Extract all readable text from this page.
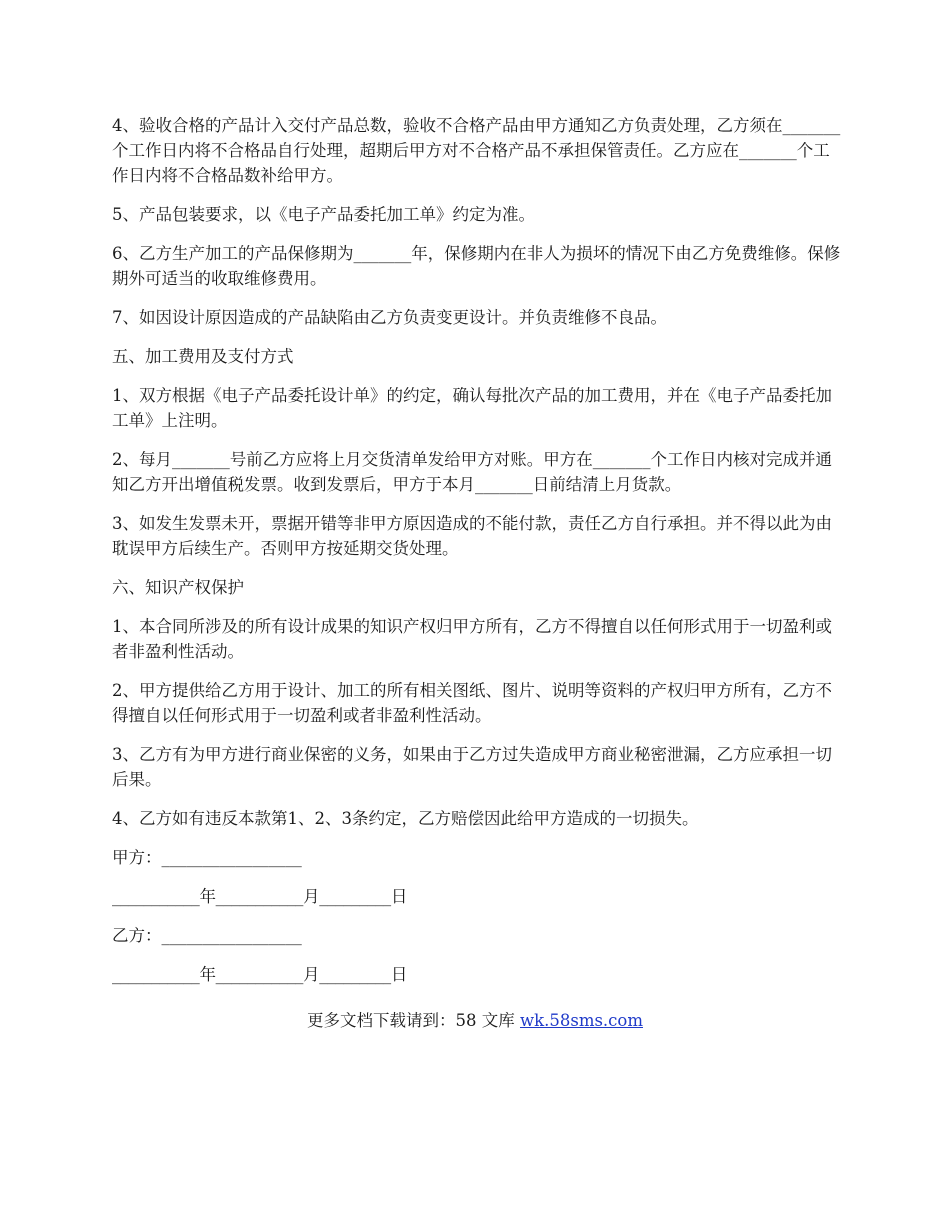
4、验收合格的产品计入交付产品总数，验收不合格产品由甲方通知乙方负责处理，乙方须在_______个工作日内将不合格品自行处理，超期后甲方对不合格产品不承担保管责任。乙方应在_______个工作日内将不合格品数补给甲方。

5、产品包装要求，以《电子产品委托加工单》约定为准。

6、乙方生产加工的产品保修期为_______年，保修期内在非人为损坏的情况下由乙方免费维修。保修期外可适当的收取维修费用。

7、如因设计原因造成的产品缺陷由乙方负责变更设计。并负责维修不良品。

五、加工费用及支付方式

1、双方根据《电子产品委托设计单》的约定，确认每批次产品的加工费用，并在《电子产品委托加工单》上注明。

2、每月_______号前乙方应将上月交货清单发给甲方对账。甲方在_______个工作日内核对完成并通知乙方开出增值税发票。收到发票后，甲方于本月_______日前结清上月货款。

3、如发生发票未开，票据开错等非甲方原因造成的不能付款，责任乙方自行承担。并不得以此为由耽误甲方后续生产。否则甲方按延期交货处理。

六、知识产权保护

1、本合同所涉及的所有设计成果的知识产权归甲方所有，乙方不得擅自以任何形式用于一切盈利或者非盈利性活动。

2、甲方提供给乙方用于设计、加工的所有相关图纸、图片、说明等资料的产权归甲方所有，乙方不得擅自以任何形式用于一切盈利或者非盈利性活动。

3、乙方有为甲方进行商业保密的义务，如果由于乙方过失造成甲方商业秘密泄漏，乙方应承担一切后果。

4、乙方如有违反本款第1、2、3条约定，乙方赔偿因此给甲方造成的一切损失。

甲方：_________________

___________年___________月_________日

乙方：_________________

___________年___________月_________日

更多文档下载请到：58 文库 wk.58sms.com
